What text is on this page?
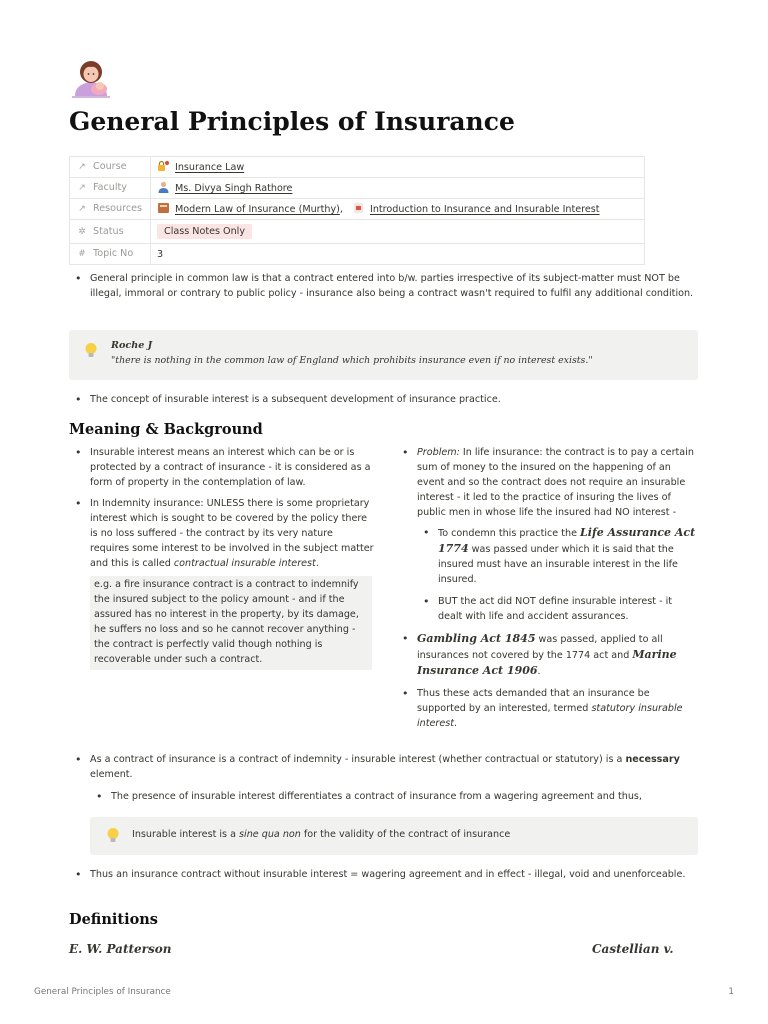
General Principles of Insurance
↗ Course	Insurance Law
↗ Faculty	Ms. Divya Singh Rathore
↗ Resources	Modern Law of Insurance (Murthy), Introduction to Insurance and Insurable Interest
✲ Status	Class Notes Only
# Topic No	3
• General principle in common law is that a contract entered into b/w. parties irrespective of its subject-matter must NOT be illegal, immoral or contrary to public policy - insurance also being a contract wasn't required to fulfil any additional condition.
Roche J
"there is nothing in the common law of England which prohibits insurance even if no interest exists."
• The concept of insurable interest is a subsequent development of insurance practice.
Meaning & Background
• Insurable interest means an interest which can be or is protected by a contract of insurance - it is considered as a form of property in the contemplation of law.
• In Indemnity insurance: UNLESS there is some proprietary interest which is sought to be covered by the policy there is no loss suffered - the contract by its very nature requires some interest to be involved in the subject matter and this is called contractual insurable interest.
e.g. a fire insurance contract is a contract to indemnify the insured subject to the policy amount - and if the assured has no interest in the property, by its damage, he suffers no loss and so he cannot recover anything - the contract is perfectly valid though nothing is recoverable under such a contract.
• Problem: In life insurance: the contract is to pay a certain sum of money to the insured on the happening of an event and so the contract does not require an insurable interest - it led to the practice of insuring the lives of public men in whose life the insured had NO interest -
• To condemn this practice the Life Assurance Act 1774 was passed under which it is said that the insured must have an insurable interest in the life insured.
• BUT the act did NOT define insurable interest - it dealt with life and accident assurances.
• Gambling Act 1845 was passed, applied to all insurances not covered by the 1774 act and Marine Insurance Act 1906.
• Thus these acts demanded that an insurance be supported by an interested, termed statutory insurable interest.
• As a contract of insurance is a contract of indemnity - insurable interest (whether contractual or statutory) is a necessary element.
• The presence of insurable interest differentiates a contract of insurance from a wagering agreement and thus,
Insurable interest is a sine qua non for the validity of the contract of insurance
• Thus an insurance contract without insurable interest = wagering agreement and in effect - illegal, void and unenforceable.
Definitions
E. W. Patterson	Castellian v.
General Principles of Insurance	1
